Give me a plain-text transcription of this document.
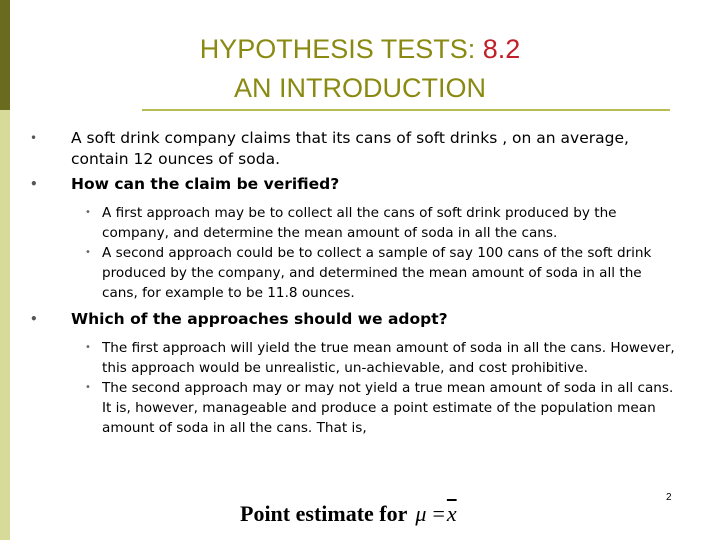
HYPOTHESIS TESTS: 8.2
AN INTRODUCTION
• A soft drink company claims that its cans of soft drinks , on an average, contain 12 ounces of soda.
• How can the claim be verified?
• A first approach may be to collect all the cans of soft drink produced by the company, and determine the mean amount of soda in all the cans.
• A second approach could be to collect a sample of say 100 cans of the soft drink produced by the company, and determined the mean amount of soda in all the cans, for example to be 11.8 ounces.
• Which of the approaches should we adopt?
• The first approach will yield the true mean amount of soda in all the cans. However, this approach would be unrealistic, un-achievable, and cost prohibitive.
• The second approach may or may not yield a true mean amount of soda in all cans. It is, however, manageable and produce a point estimate of the population mean amount of soda in all the cans. That is,
Point estimate for $\mu =\overline{x}$
2
